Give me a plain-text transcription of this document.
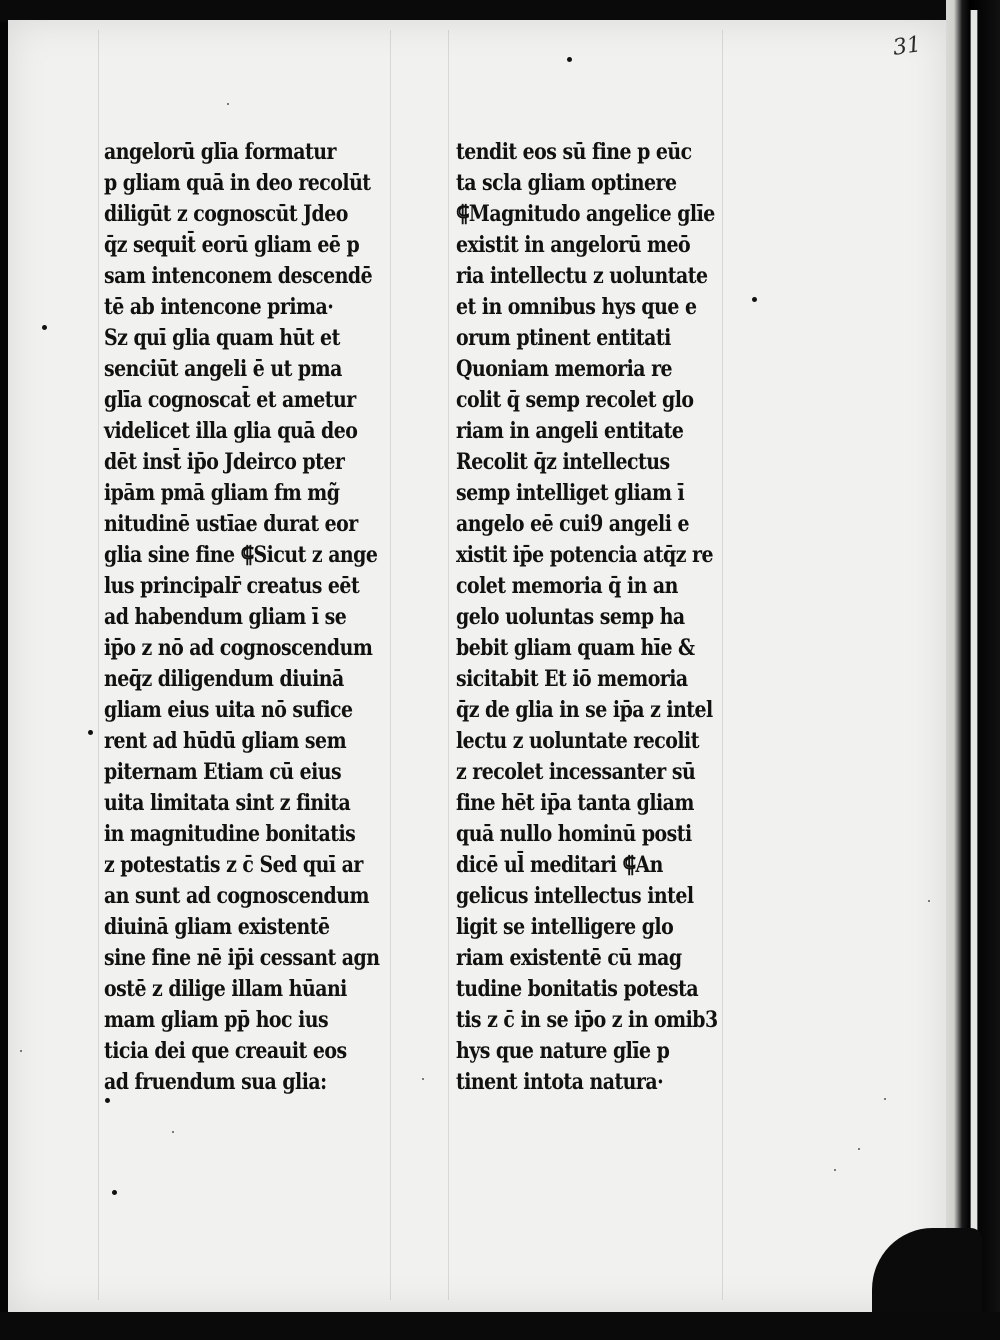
31
angelorū glīa formatur
p gliam quā in deo recolūt
diligūt z cognoscūt Jdeo
q̄z sequit̄ eorū gliam eē p
sam intenconem descendē
tē ab intencone prima·
Sz quī glia quam hūt et
senciūt angeli ē ut pma
glīa cognoscat̄ et ametur
videlicet illa glia quā deo
dēt inst̄ ip̄o Jdeirco pter
ipām pmā gliam fm mg̃
nitudinē ustīae durat eor
glia sine fine ⸿Sicut z ange
lus principalr̄ creatus eēt
ad habendum gliam ī se
ip̄o z nō ad cognoscendum
neq̄z diligendum diuinā
gliam eius uita nō sufice
rent ad hūdū gliam sem
piternam Etiam cū eius
uita limitata sint z finita
in magnitudine bonitatis
z potestatis z c̄ Sed quī ar
an sunt ad cognoscendum
diuinā gliam existentē
sine fine nē ip̄i cessant agn
ostē z dilige illam hūani
mam gliam pp̄ hoc ius
ticia dei que creauit eos
ad fruendum sua glia:
tendit eos sū fine p eūc
ta scla gliam optinere
⸿Magnitudo angelice glīe
existit in angelorū meō
ria intellectu z uoluntate
et in omnibus hys que e
orum ptinent entitati
Quoniam memoria re
colit q̄ semp recolet glo
riam in angeli entitate
Recolit q̄z intellectus
semp intelliget gliam ī
angelo eē cui9 angeli e
xistit ip̄e potencia atq̄z re
colet memoria q̄ in an
gelo uoluntas semp ha
bebit gliam quam hīe &
sicitabit Et iō memoria
q̄z de glia in se ip̄a z intel
lectu z uoluntate recolit
z recolet incessanter sū
fine hēt ip̄a tanta gliam
quā nullo hominū posti
dicē ul̄ meditari ⸿An
gelicus intellectus intel
ligit se intelligere glo
riam existentē cū mag
tudine bonitatis potesta
tis z c̄ in se ip̄o z in omib3
hys que nature glīe p
tinent intota natura·
